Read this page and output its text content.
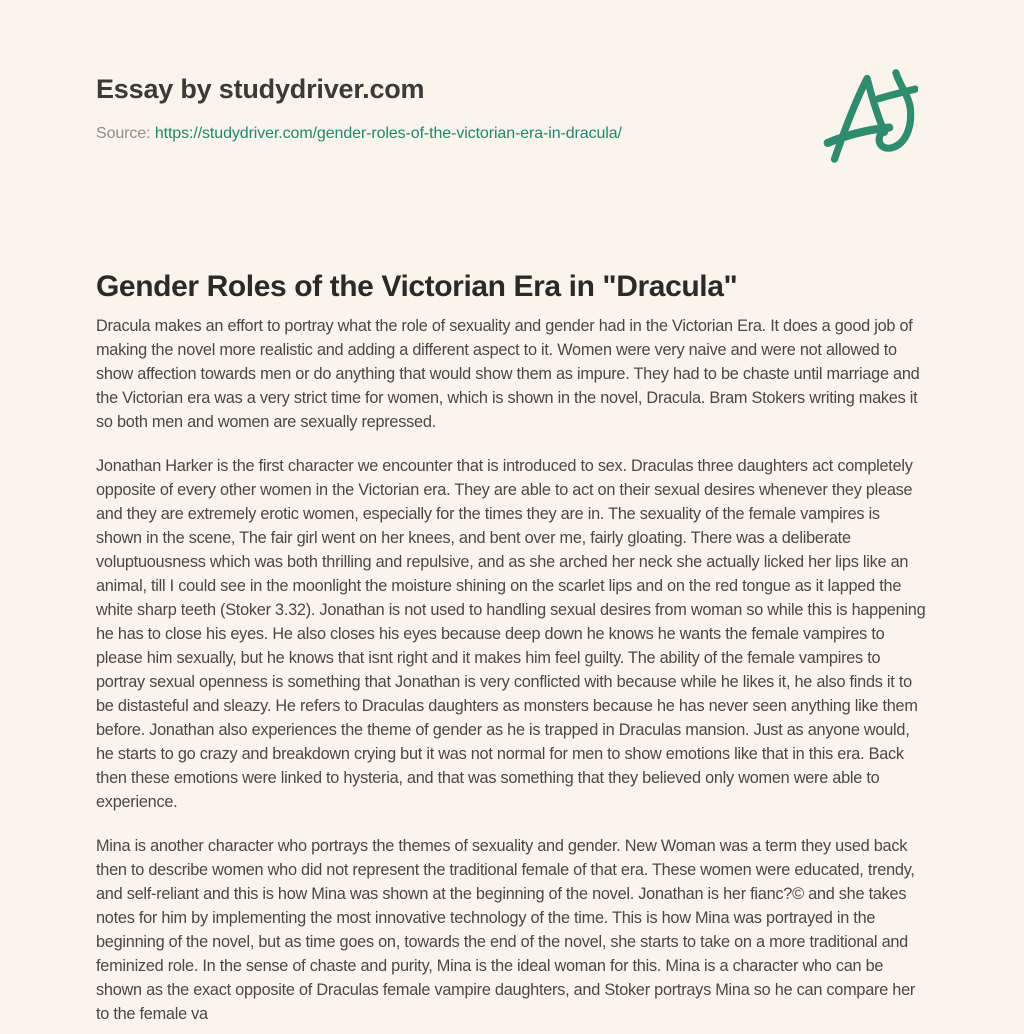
Essay by studydriver.com
Source: https://studydriver.com/gender-roles-of-the-victorian-era-in-dracula/
Gender Roles of the Victorian Era in "Dracula"

Dracula makes an effort to portray what the role of sexuality and gender had in the Victorian Era. It does a good job of making the novel more realistic and adding a different aspect to it. Women were very naive and were not allowed to show affection towards men or do anything that would show them as impure. They had to be chaste until marriage and the Victorian era was a very strict time for women, which is shown in the novel, Dracula. Bram Stokers writing makes it so both men and women are sexually repressed.

Jonathan Harker is the first character we encounter that is introduced to sex. Draculas three daughters act completely opposite of every other women in the Victorian era. They are able to act on their sexual desires whenever they please and they are extremely erotic women, especially for the times they are in. The sexuality of the female vampires is shown in the scene, The fair girl went on her knees, and bent over me, fairly gloating. There was a deliberate voluptuousness which was both thrilling and repulsive, and as she arched her neck she actually licked her lips like an animal, till I could see in the moonlight the moisture shining on the scarlet lips and on the red tongue as it lapped the white sharp teeth (Stoker 3.32). Jonathan is not used to handling sexual desires from woman so while this is happening he has to close his eyes. He also closes his eyes because deep down he knows he wants the female vampires to please him sexually, but he knows that isnt right and it makes him feel guilty. The ability of the female vampires to portray sexual openness is something that Jonathan is very conflicted with because while he likes it, he also finds it to be distasteful and sleazy. He refers to Draculas daughters as monsters because he has never seen anything like them before. Jonathan also experiences the theme of gender as he is trapped in Draculas mansion. Just as anyone would, he starts to go crazy and breakdown crying but it was not normal for men to show emotions like that in this era. Back then these emotions were linked to hysteria, and that was something that they believed only women were able to experience.

Mina is another character who portrays the themes of sexuality and gender. New Woman was a term they used back then to describe women who did not represent the traditional female of that era. These women were educated, trendy, and self-reliant and this is how Mina was shown at the beginning of the novel. Jonathan is her fianc?© and she takes notes for him by implementing the most innovative technology of the time. This is how Mina was portrayed in the beginning of the novel, but as time goes on, towards the end of the novel, she starts to take on a more traditional and feminized role. In the sense of chaste and purity, Mina is the ideal woman for this. Mina is a character who can be shown as the exact opposite of Draculas female vampire daughters, and Stoker portrays Mina so he can compare her to the female va
